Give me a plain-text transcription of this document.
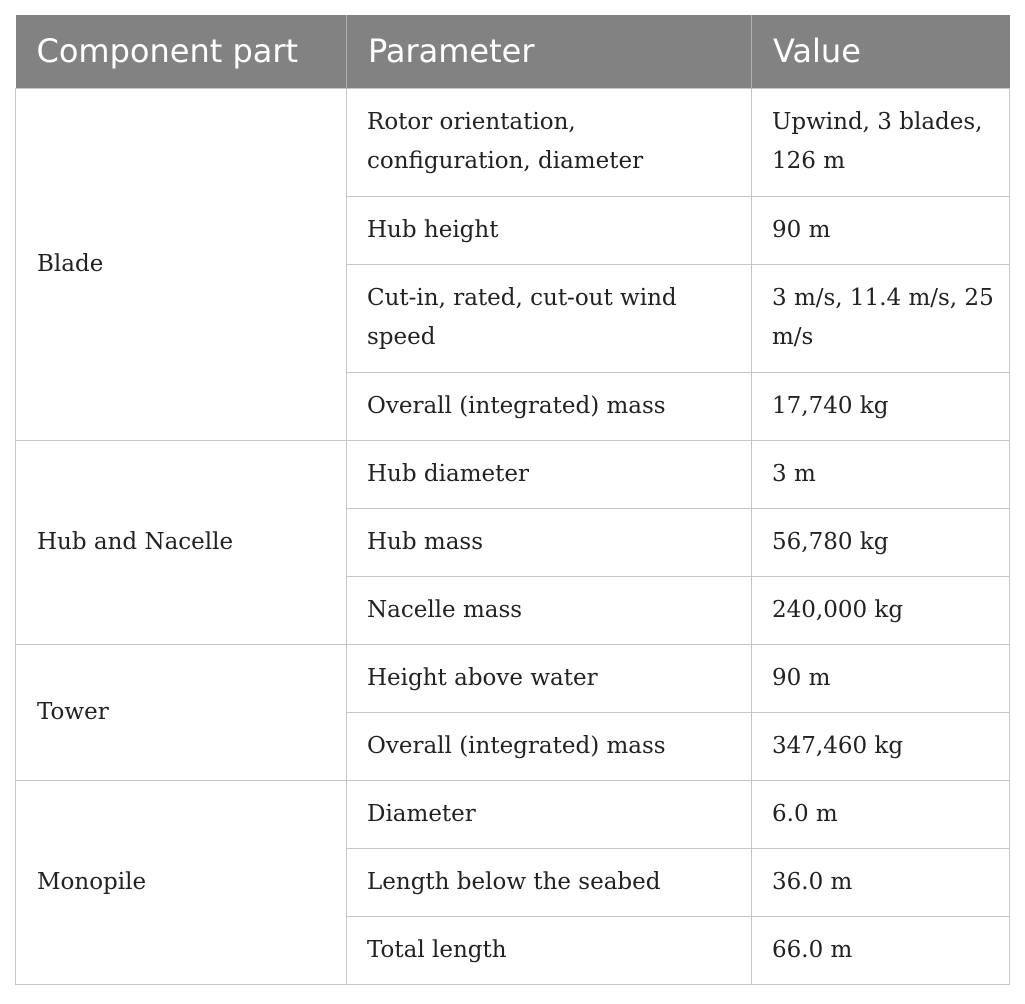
Component part	Parameter	Value
Blade	Rotor orientation, configuration, diameter	Upwind, 3 blades, 126 m
	Hub height	90 m
	Cut-in, rated, cut-out wind speed	3 m/s, 11.4 m/s, 25 m/s
	Overall (integrated) mass	17,740 kg
Hub and Nacelle	Hub diameter	3 m
	Hub mass	56,780 kg
	Nacelle mass	240,000 kg
Tower	Height above water	90 m
	Overall (integrated) mass	347,460 kg
Monopile	Diameter	6.0 m
	Length below the seabed	36.0 m
	Total length	66.0 m
